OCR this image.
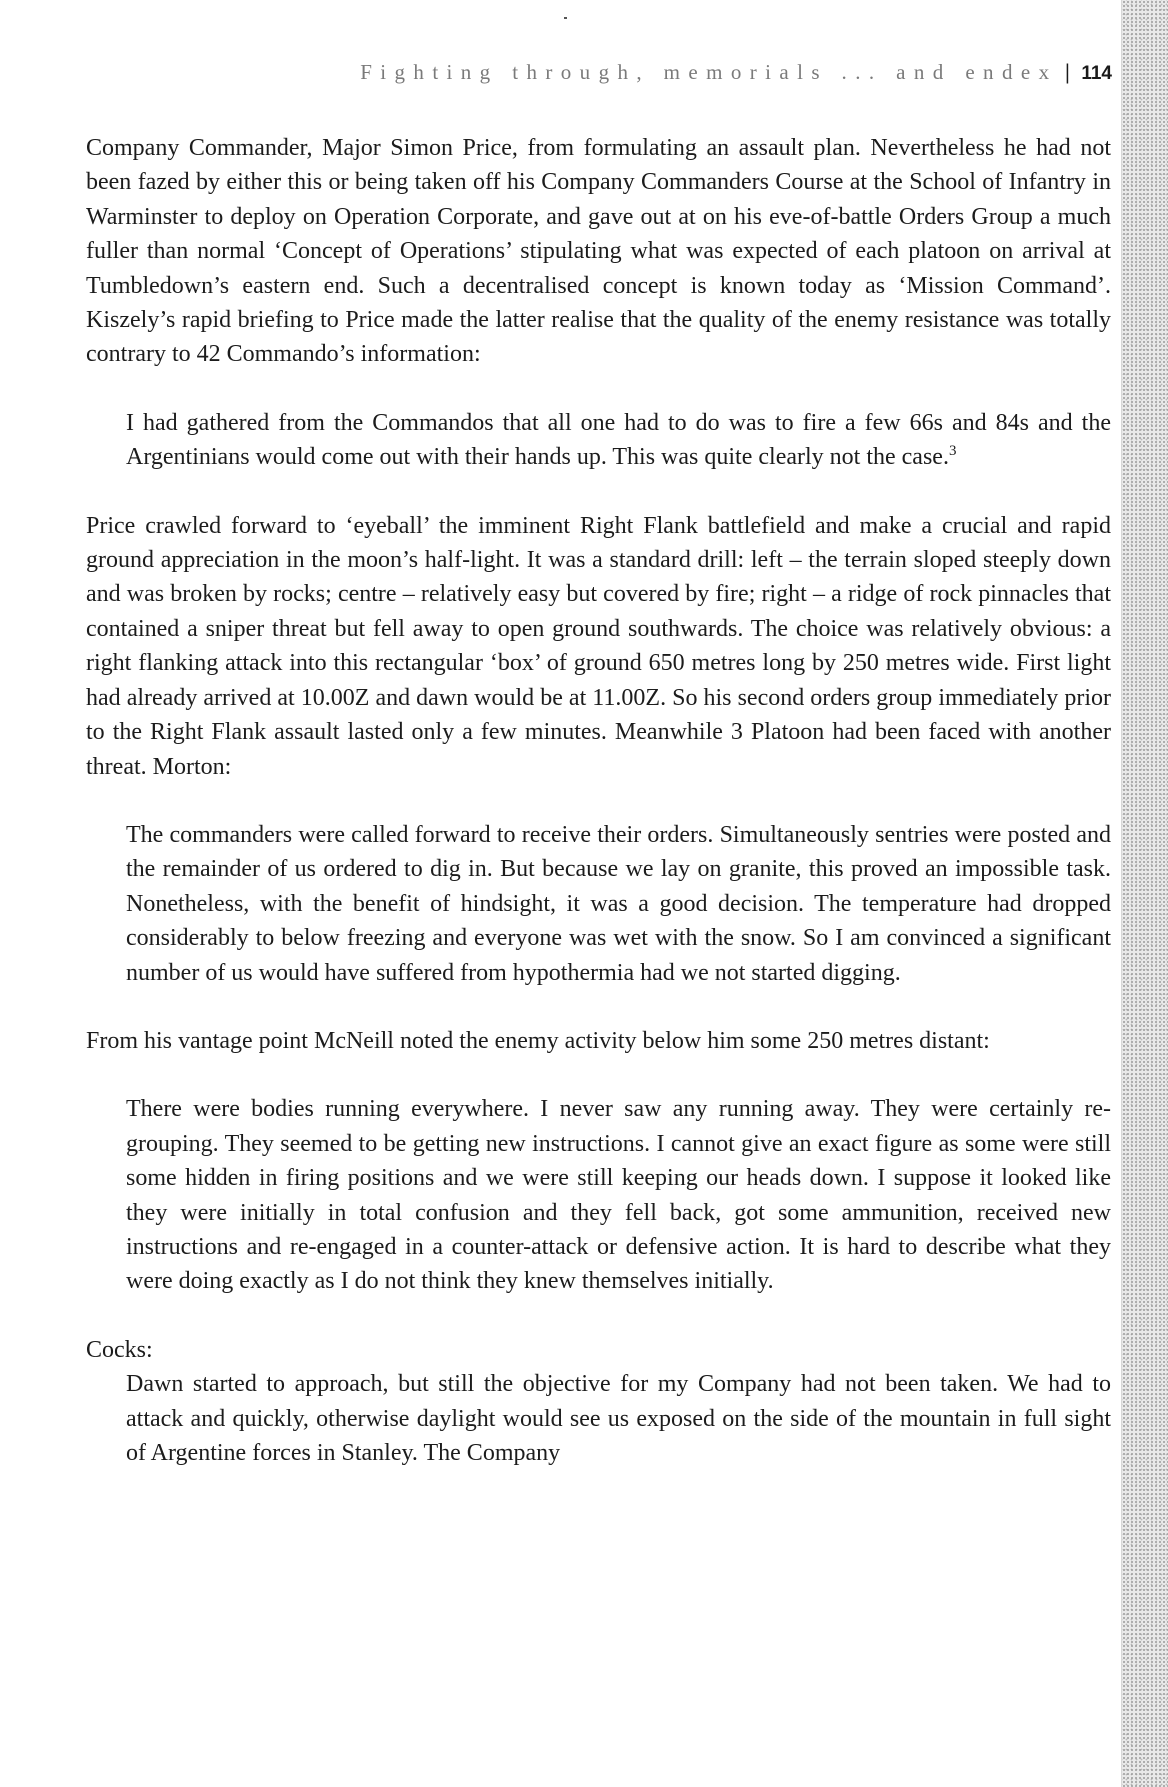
Fighting through, memorials ... and endex | 114

Company Commander, Major Simon Price, from formulating an assault plan. Nevertheless he had not been fazed by either this or being taken off his Company Commanders Course at the School of Infantry in Warminster to deploy on Operation Corporate, and gave out at on his eve-of-battle Orders Group a much fuller than normal ‘Concept of Operations’ stipulating what was expected of each platoon on arrival at Tumbledown’s eastern end. Such a decentralised concept is known today as ‘Mission Command’. Kiszely’s rapid briefing to Price made the latter realise that the quality of the enemy resistance was totally contrary to 42 Commando’s information:

I had gathered from the Commandos that all one had to do was to fire a few 66s and 84s and the Argentinians would come out with their hands up. This was quite clearly not the case.$^3$

Price crawled forward to ‘eyeball’ the imminent Right Flank battlefield and make a crucial and rapid ground appreciation in the moon’s half-light. It was a standard drill: left – the terrain sloped steeply down and was broken by rocks; centre – relatively easy but covered by fire; right – a ridge of rock pinnacles that contained a sniper threat but fell away to open ground southwards. The choice was relatively obvious: a right flanking attack into this rectangular ‘box’ of ground 650 metres long by 250 metres wide. First light had already arrived at 10.00Z and dawn would be at 11.00Z. So his second orders group immediately prior to the Right Flank assault lasted only a few minutes. Meanwhile 3 Platoon had been faced with another threat. Morton:

The commanders were called forward to receive their orders. Simultaneously sentries were posted and the remainder of us ordered to dig in. But because we lay on granite, this proved an impossible task. Nonetheless, with the benefit of hindsight, it was a good decision. The temperature had dropped considerably to below freezing and everyone was wet with the snow. So I am convinced a significant number of us would have suffered from hypothermia had we not started digging.

From his vantage point McNeill noted the enemy activity below him some 250 metres distant:

There were bodies running everywhere. I never saw any running away. They were certainly re-grouping. They seemed to be getting new instructions. I cannot give an exact figure as some were still some hidden in firing positions and we were still keeping our heads down. I suppose it looked like they were initially in total confusion and they fell back, got some ammunition, received new instructions and re-engaged in a counter-attack or defensive action. It is hard to describe what they were doing exactly as I do not think they knew themselves initially.

Cocks:

Dawn started to approach, but still the objective for my Company had not been taken. We had to attack and quickly, otherwise daylight would see us exposed on the side of the mountain in full sight of Argentine forces in Stanley. The Company
